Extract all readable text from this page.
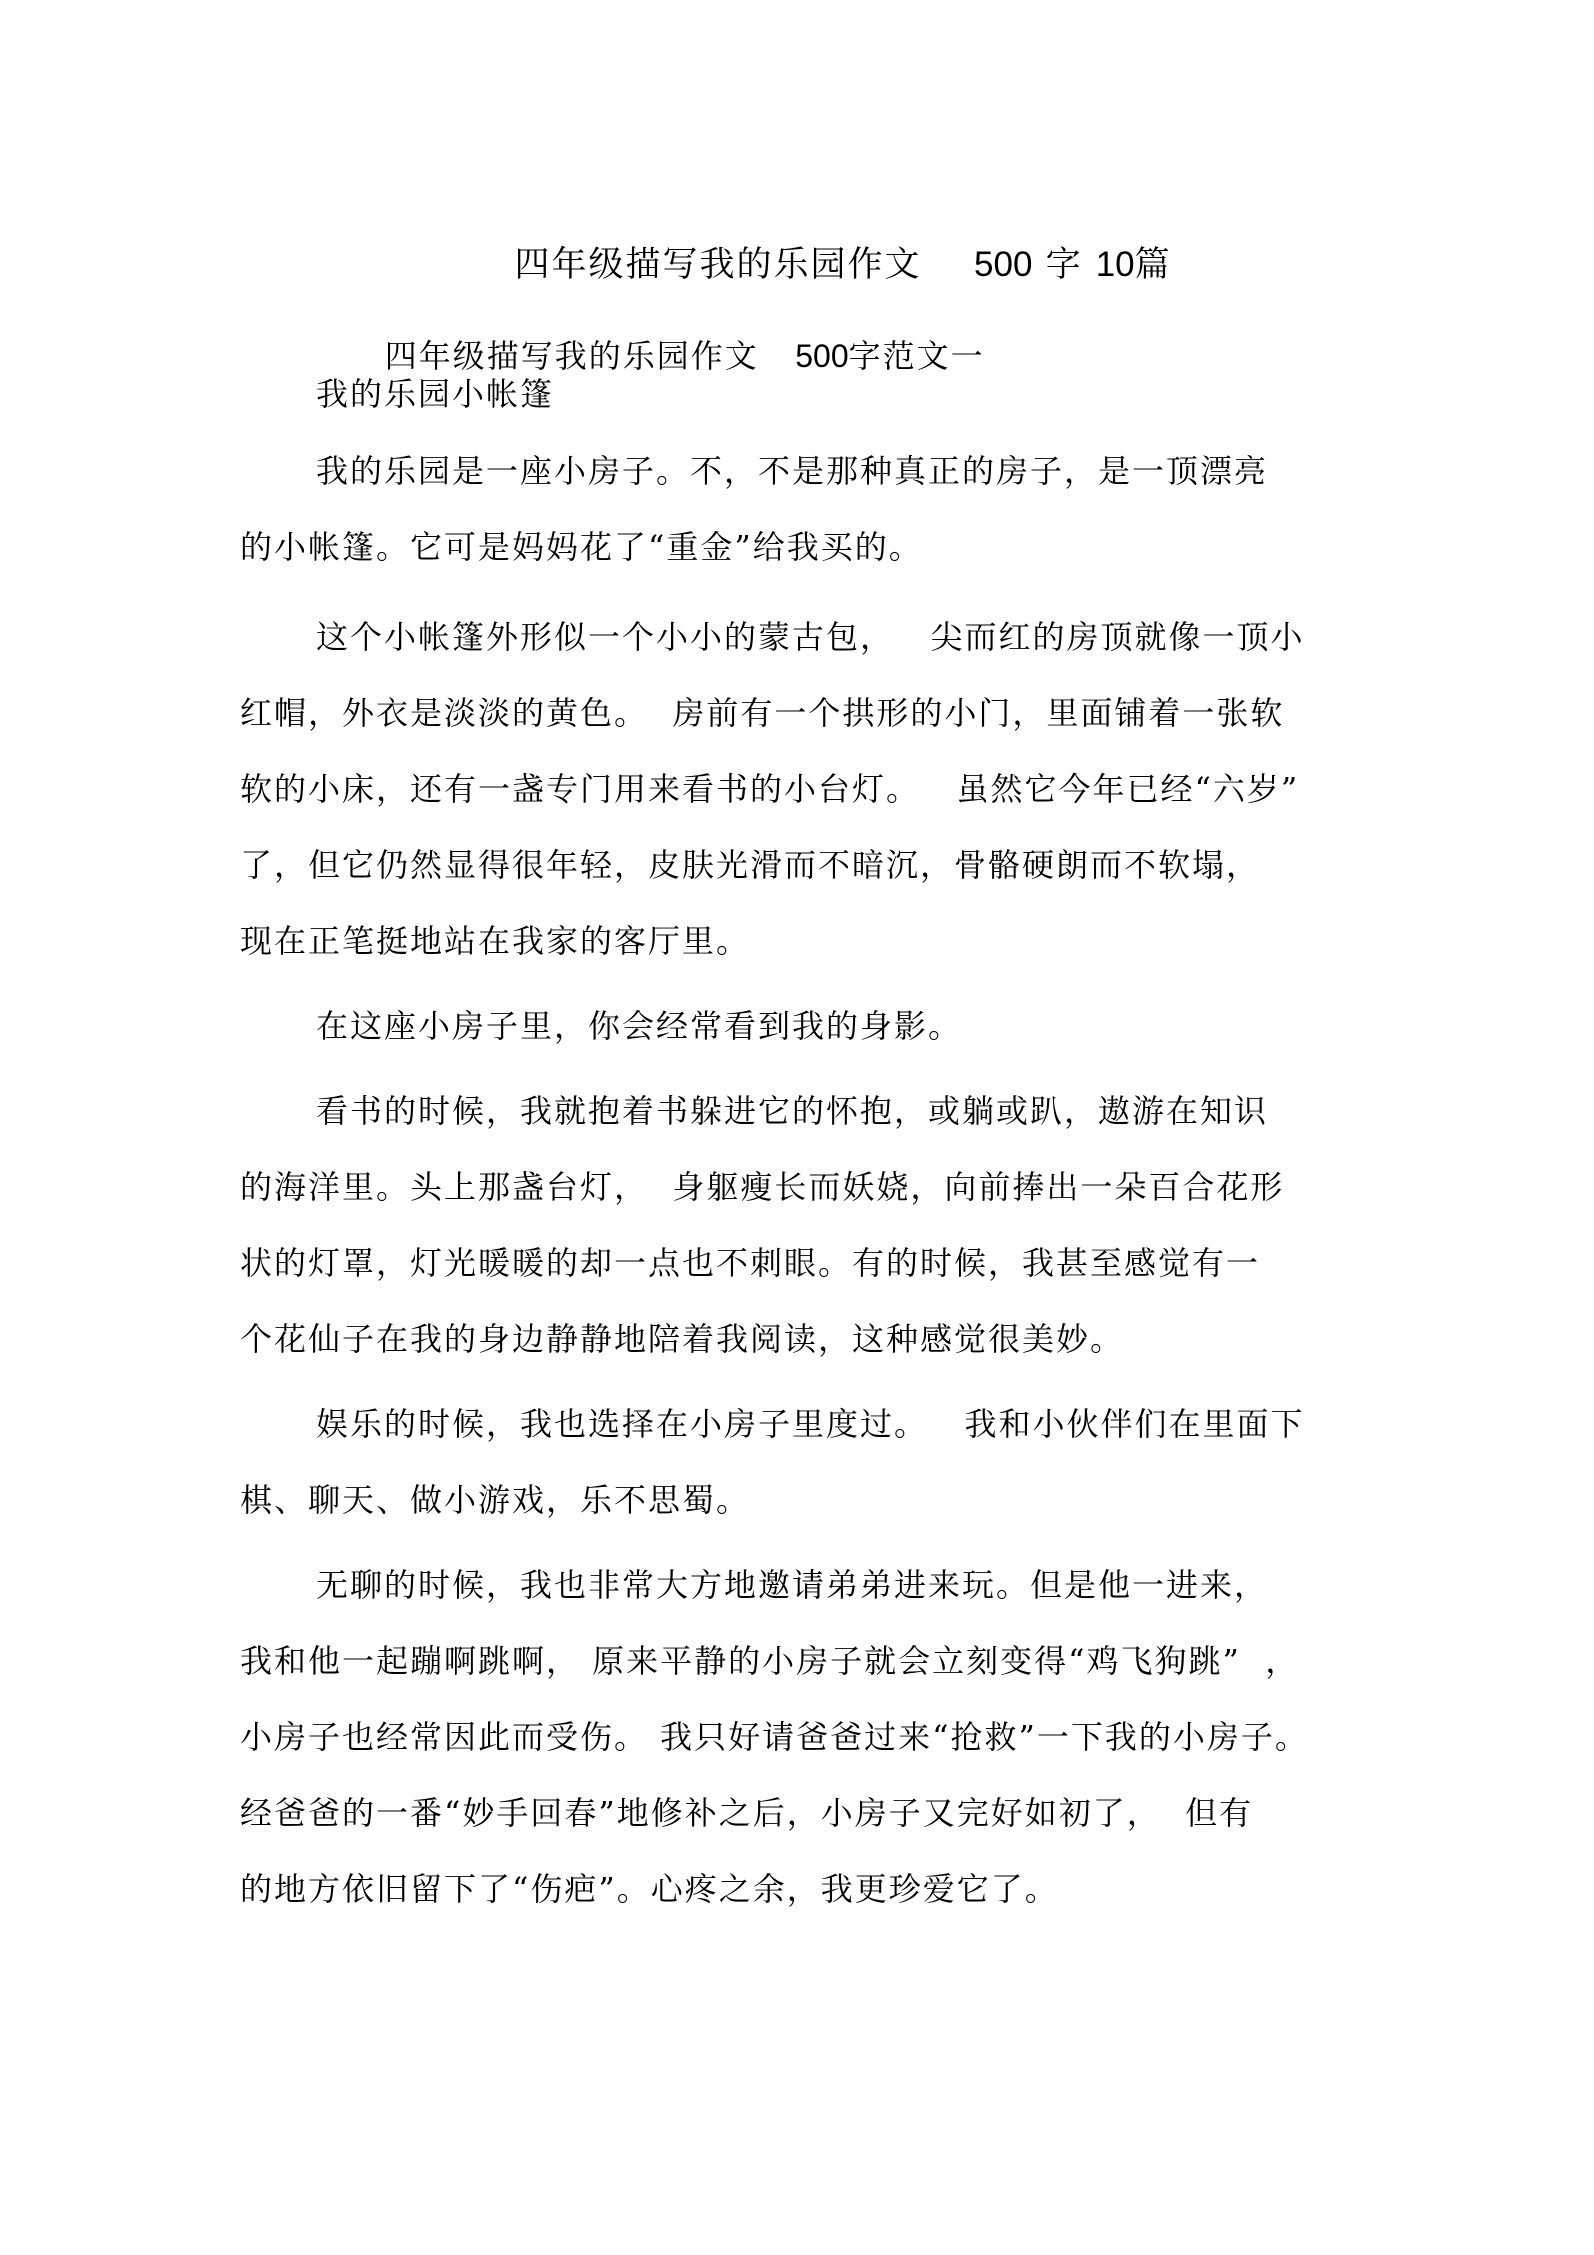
四年级描写我的乐园作文 500 字 10篇

四年级描写我的乐园作文 500字范文一

我的乐园小帐篷
我的乐园是一座小房子。不，不是那种真正的房子，是一顶漂亮
的小帐篷。它可是妈妈花了“重金”给我买的。
这个小帐篷外形似一个小小的蒙古包，   尖而红的房顶就像一顶小
红帽，外衣是淡淡的黄色。  房前有一个拱形的小门，里面铺着一张软
软的小床，还有一盏专门用来看书的小台灯。   虽然它今年已经“六岁”
了，但它仍然显得很年轻，皮肤光滑而不暗沉，骨骼硬朗而不软塌，
现在正笔挺地站在我家的客厅里。
在这座小房子里，你会经常看到我的身影。
看书的时候，我就抱着书躲进它的怀抱，或躺或趴，遨游在知识
的海洋里。头上那盏台灯，  身躯瘦长而妖娆，向前捧出一朵百合花形
状的灯罩，灯光暖暖的却一点也不刺眼。有的时候，我甚至感觉有一
个花仙子在我的身边静静地陪着我阅读，这种感觉很美妙。
娱乐的时候，我也选择在小房子里度过。   我和小伙伴们在里面下
棋、聊天、做小游戏，乐不思蜀。
无聊的时候，我也非常大方地邀请弟弟进来玩。但是他一进来，
我和他一起蹦啊跳啊， 原来平静的小房子就会立刻变得“鸡飞狗跳”  ，
小房子也经常因此而受伤。 我只好请爸爸过来“抢救”一下我的小房子。
经爸爸的一番“妙手回春”地修补之后，小房子又完好如初了，  但有
的地方依旧留下了“伤疤”。心疼之余，我更珍爱它了。
